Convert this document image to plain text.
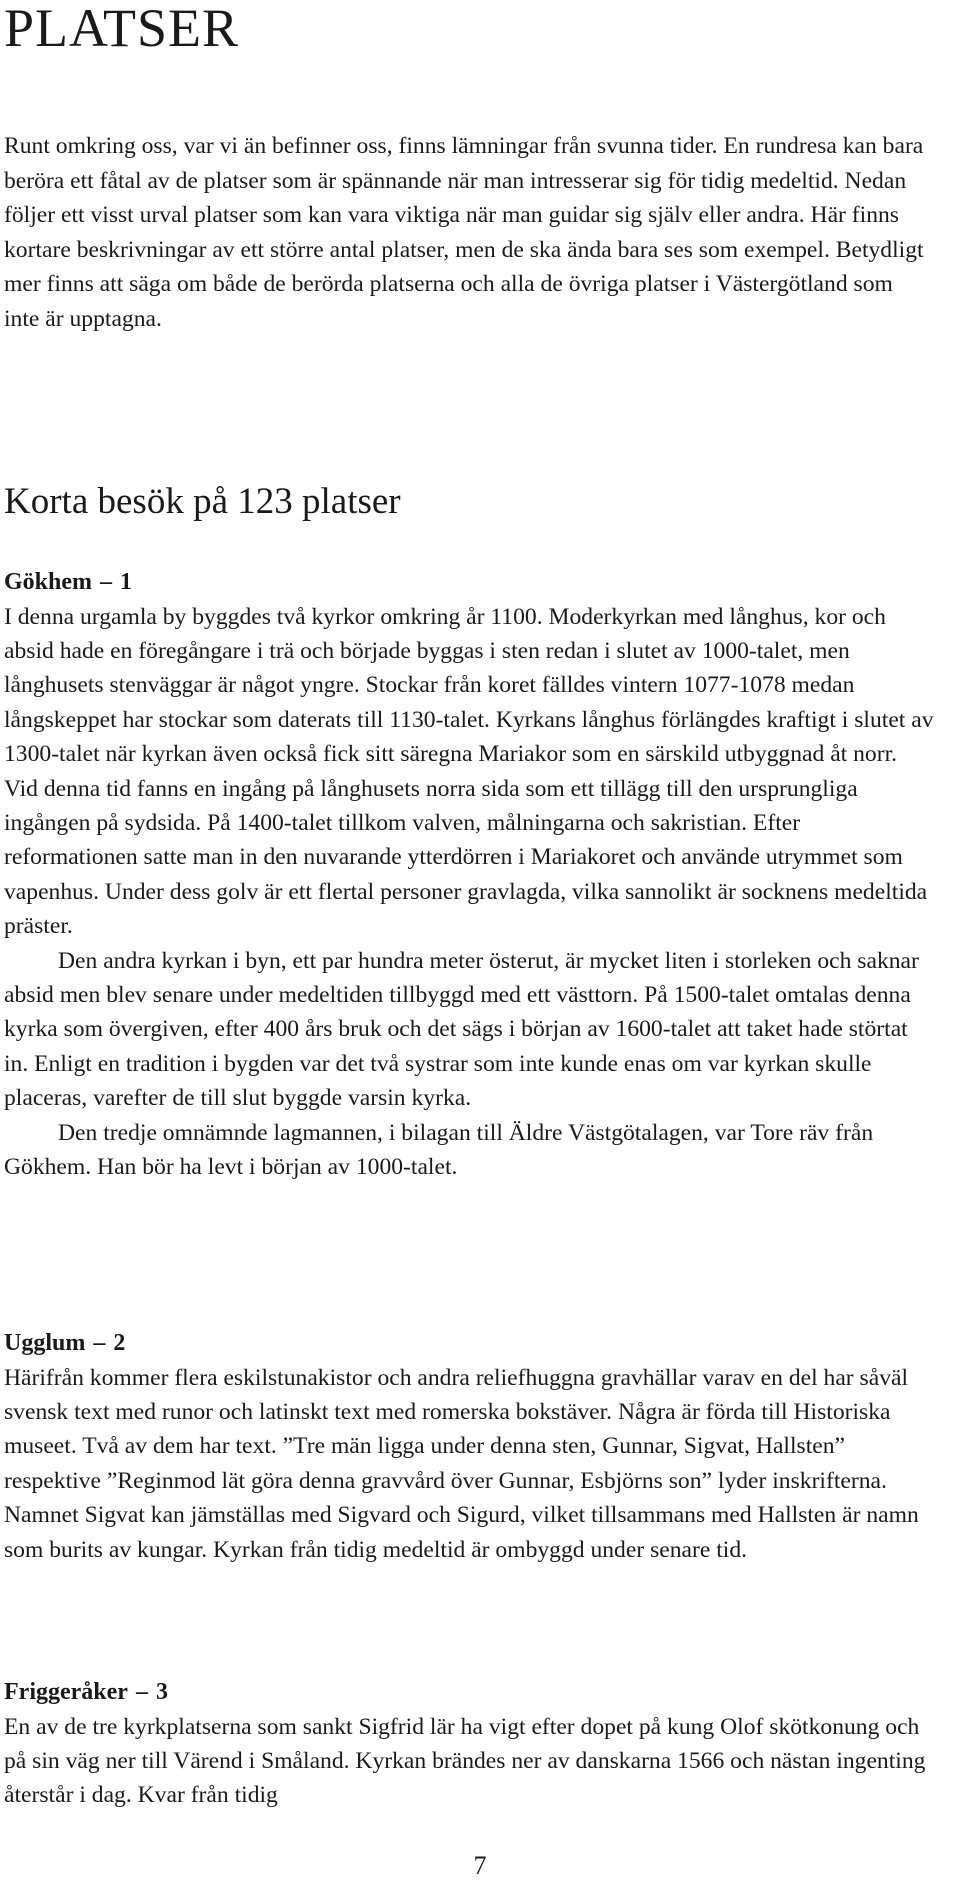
PLATSER

Runt omkring oss, var vi än befinner oss, finns lämningar från svunna tider. En rundresa kan bara beröra ett fåtal av de platser som är spännande när man intresserar sig för tidig medeltid. Nedan följer ett visst urval platser som kan vara viktiga när man guidar sig själv eller andra. Här finns kortare beskrivningar av ett större antal platser, men de ska ända bara ses som exempel. Betydligt mer finns att säga om både de berörda platserna och alla de övriga platser i Västergötland som inte är upptagna.

Korta besök på 123 platser
Gökhem – 1

I denna urgamla by byggdes två kyrkor omkring år 1100. Moderkyrkan med långhus, kor och absid hade en föregångare i trä och började byggas i sten redan i slutet av 1000-talet, men långhusets stenväggar är något yngre. Stockar från koret fälldes vintern 1077-1078 medan långskeppet har stockar som daterats till 1130-talet. Kyrkans långhus förlängdes kraftigt i slutet av 1300-talet när kyrkan även också fick sitt säregna Mariakor som en särskild utbyggnad åt norr. Vid denna tid fanns en ingång på långhusets norra sida som ett tillägg till den ursprungliga ingången på sydsida. På 1400-talet tillkom valven, målningarna och sakristian. Efter reformationen satte man in den nuvarande ytterdörren i Mariakoret och använde utrymmet som vapenhus. Under dess golv är ett flertal personer gravlagda, vilka sannolikt är socknens medeltida präster.

Den andra kyrkan i byn, ett par hundra meter österut, är mycket liten i storleken och saknar absid men blev senare under medeltiden tillbyggd med ett västtorn. På 1500-talet omtalas denna kyrka som övergiven, efter 400 års bruk och det sägs i början av 1600-talet att taket hade störtat in. Enligt en tradition i bygden var det två systrar som inte kunde enas om var kyrkan skulle placeras, varefter de till slut byggde varsin kyrka.

Den tredje omnämnde lagmannen, i bilagan till Äldre Västgötalagen, var Tore räv från Gökhem. Han bör ha levt i början av 1000-talet.

Ugglum – 2

Härifrån kommer flera eskilstunakistor och andra reliefhuggna gravhällar varav en del har såväl svensk text med runor och latinskt text med romerska bokstäver. Några är förda till Historiska museet. Två av dem har text. ”Tre män ligga under denna sten, Gunnar, Sigvat, Hallsten” respektive ”Reginmod lät göra denna gravvård över Gunnar, Esbjörns son” lyder inskrifterna. Namnet Sigvat kan jämställas med Sigvard och Sigurd, vilket tillsammans med Hallsten är namn som burits av kungar. Kyrkan från tidig medeltid är ombyggd under senare tid.

Friggeråker – 3

En av de tre kyrkplatserna som sankt Sigfrid lär ha vigt efter dopet på kung Olof skötkonung och på sin väg ner till Värend i Småland. Kyrkan brändes ner av danskarna 1566 och nästan ingenting återstår i dag. Kvar från tidig

7
